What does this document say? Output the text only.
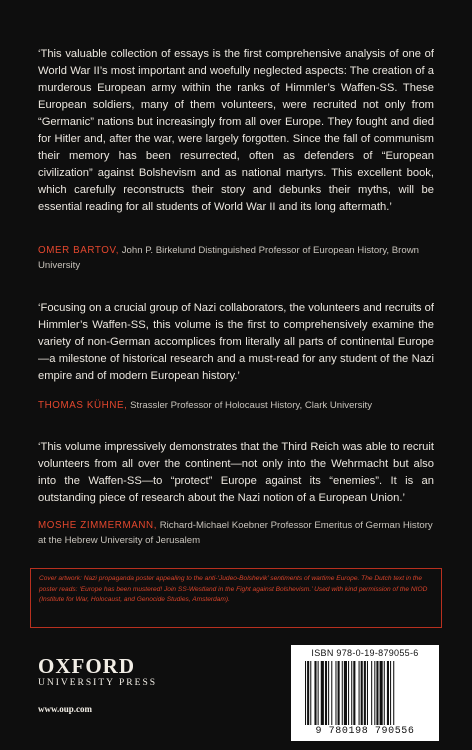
‘This valuable collection of essays is the first comprehensive analysis of one of World War II’s most important and woefully neglected aspects: The creation of a murderous European army within the ranks of Himmler’s Waffen-SS. These European soldiers, many of them volunteers, were recruited not only from “Germanic” nations but increasingly from all over Europe. They fought and died for Hitler and, after the war, were largely forgotten. Since the fall of communism their memory has been resurrected, often as defenders of “European civilization” against Bolshevism and as national martyrs. This excellent book, which carefully reconstructs their story and debunks their myths, will be essential reading for all students of World War II and its long aftermath.’

OMER BARTOV, John P. Birkelund Distinguished Professor of European History, Brown University

‘Focusing on a crucial group of Nazi collaborators, the volunteers and recruits of Himmler’s Waffen-SS, this volume is the first to comprehensively examine the variety of non-German accomplices from literally all parts of continental Europe—a milestone of historical research and a must-read for any student of the Nazi empire and of modern European history.’

THOMAS KÜHNE, Strassler Professor of Holocaust History, Clark University

‘This volume impressively demonstrates that the Third Reich was able to recruit volunteers from all over the continent—not only into the Wehrmacht but also into the Waffen-SS—to “protect” Europe against its “enemies”. It is an outstanding piece of research about the Nazi notion of a European Union.’

MOSHE ZIMMERMANN, Richard-Michael Koebner Professor Emeritus of German History at the Hebrew University of Jerusalem

Cover artwork: Nazi propaganda poster appealing to the anti-‘Judeo-Bolshevik’ sentiments of wartime Europe. The Dutch text in the poster reads: ‘Europe has been mustered! Join SS-Westland in the Fight against Bolshevism.’ Used with kind permission of the NIOD (Institute for War, Holocaust, and Genocide Studies, Amsterdam).
OXFORD
UNIVERSITY PRESS
www.oup.com
ISBN 978-0-19-879055-6
9 780198 790556
